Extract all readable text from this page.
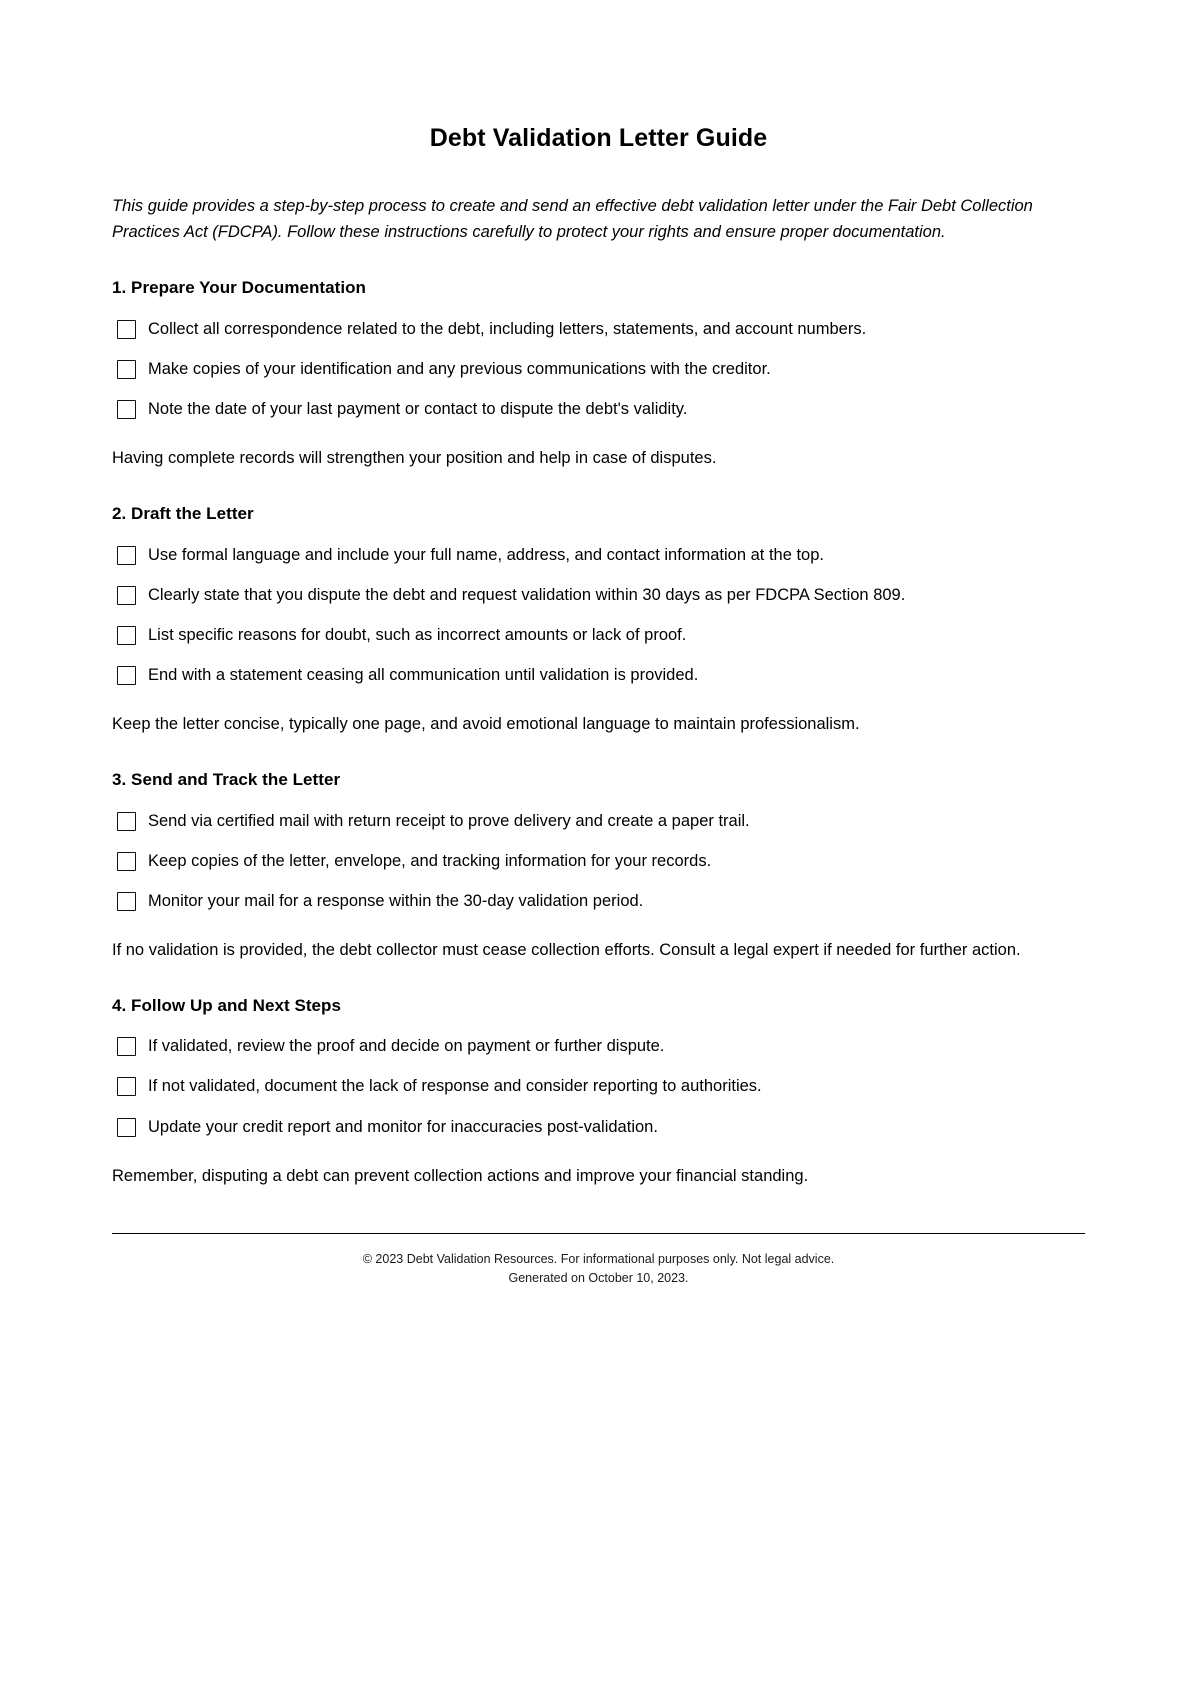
Debt Validation Letter Guide

This guide provides a step-by-step process to create and send an effective debt validation letter under the Fair Debt Collection Practices Act (FDCPA). Follow these instructions carefully to protect your rights and ensure proper documentation.

1. Prepare Your Documentation
Collect all correspondence related to the debt, including letters, statements, and account numbers.
Make copies of your identification and any previous communications with the creditor.
Note the date of your last payment or contact to dispute the debt's validity.

Having complete records will strengthen your position and help in case of disputes.

2. Draft the Letter
Use formal language and include your full name, address, and contact information at the top.
Clearly state that you dispute the debt and request validation within 30 days as per FDCPA Section 809.
List specific reasons for doubt, such as incorrect amounts or lack of proof.
End with a statement ceasing all communication until validation is provided.

Keep the letter concise, typically one page, and avoid emotional language to maintain professionalism.

3. Send and Track the Letter
Send via certified mail with return receipt to prove delivery and create a paper trail.
Keep copies of the letter, envelope, and tracking information for your records.
Monitor your mail for a response within the 30-day validation period.

If no validation is provided, the debt collector must cease collection efforts. Consult a legal expert if needed for further action.

4. Follow Up and Next Steps
If validated, review the proof and decide on payment or further dispute.
If not validated, document the lack of response and consider reporting to authorities.
Update your credit report and monitor for inaccuracies post-validation.

Remember, disputing a debt can prevent collection actions and improve your financial standing.

© 2023 Debt Validation Resources. For informational purposes only. Not legal advice.
Generated on October 10, 2023.
